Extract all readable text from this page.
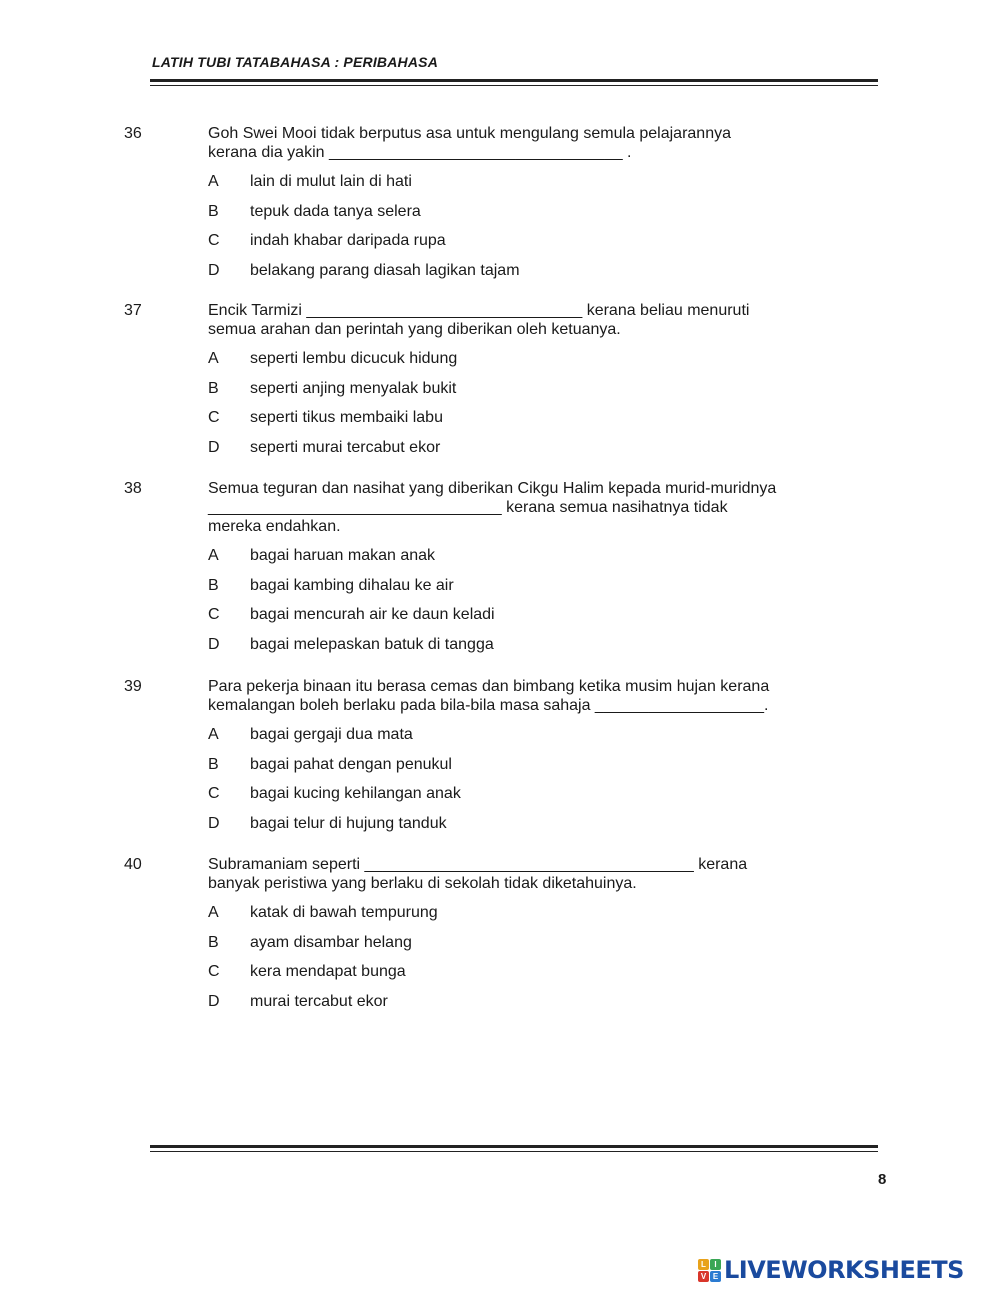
LATIH TUBI TATABAHASA : PERIBAHASA
36	Goh Swei Mooi tidak berputus asa untuk mengulang semula pelajarannya
kerana dia yakin _________________________________ .
A lain di mulut lain di hati
B tepuk dada tanya selera
C indah khabar daripada rupa
D belakang parang diasah lagikan tajam
37	Encik Tarmizi _______________________________ kerana beliau menuruti
semua arahan dan perintah yang diberikan oleh ketuanya.
A seperti lembu dicucuk hidung
B seperti anjing menyalak bukit
C seperti tikus membaiki labu
D seperti murai tercabut ekor
38	Semua teguran dan nasihat yang diberikan Cikgu Halim kepada murid-muridnya
_________________________________ kerana semua nasihatnya tidak
mereka endahkan.
A bagai haruan makan anak
B bagai kambing dihalau ke air
C bagai mencurah air ke daun keladi
D bagai melepaskan batuk di tangga
39	Para pekerja binaan itu berasa cemas dan bimbang ketika musim hujan kerana
kemalangan boleh berlaku pada bila-bila masa sahaja ___________________.
A bagai gergaji dua mata
B bagai pahat dengan penukul
C bagai kucing kehilangan anak
D bagai telur di hujung tanduk
40	Subramaniam seperti _____________________________________ kerana
banyak peristiwa yang berlaku di sekolah tidak diketahuinya.
A katak di bawah tempurung
B ayam disambar helang
C kera mendapat bunga
D murai tercabut ekor
8
L	I
V E LIVEWORKSHEETS
